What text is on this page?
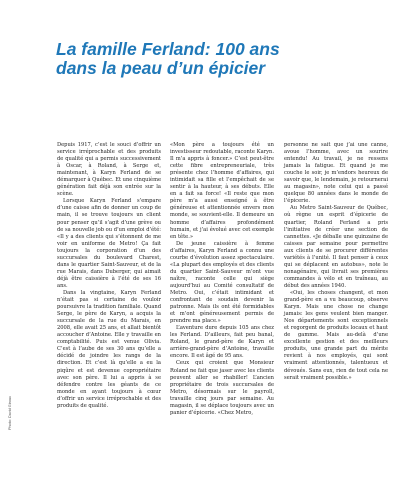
La famille Ferland: 100 ans
dans la peau d’un épicier
Photo: David Giroux

Depuis 1917, c’est le souci d’offrir un service irréprochable et des produits de qualité qui a permis successivement à Oscar, à Roland, à Serge et, maintenant, à Karyn Ferland de se démarquer à Québec. Et une cinquième génération fait déjà son entrée sur la scène.

Lorsque Karyn Ferland s’empare d’une caisse afin de donner un coup de main, il se trouve toujours un client pour penser qu’il s’agit d’une grève ou de sa nouvelle job ou d’un emploi d’été: «Il y a des clients qui s’étonnent de me voir en uniforme de Metro! Ça fait toujours la corporation d’un des succursales du boulevard Charest, dans le quartier Saint-Sauveur, et de la rue Marais, dans Duberger, qui aimait déjà être caissière à l’été de ses 16 ans.

Dans la vingtaine, Karyn Ferland n’était pas si certaine de vouloir poursuivre la tradition familiale. Quand Serge, le père de Karyn, a acquis la succursale de la rue du Marais, en 2008, elle avait 25 ans, et allait bientôt accoucher d’Antoine. Elle y travaille en comptabilité. Puis est venue Olivia. C’est à l’aube de ses 30 ans qu’elle a décidé de joindre les rangs de la direction. Et c’est là qu’elle a eu la piqûre et est devenue copropriétaire avec son père. Il lui a appris à se défendre contre les géants de ce monde en ayant toujours à cœur d’offrir un service irréprochable et des produits de qualité.

«Mon père a toujours été un investisseur redoutable, raconte Karyn. Il m’a appris à foncer.» C’est peut-être cette fibre entrepreneuriale, très présente chez l’homme d’affaires, qui intimidait sa fille et l’empêchait de se sentir à la hauteur, à ses débuts. Elle en a fait sa force! «Il reste que mon père m’a aussi enseigné à être généreuse et attentionnée envers mon monde, se souvient-elle. Il demeure un homme d’affaires profondément humain, et j’ai évolué avec cet exemple en tête.»

De jeune caissière à femme d’affaires, Karyn Ferland a connu une courbe d’évolution assez spectaculaire. «La plupart des employés et des clients du quartier Saint-Sauveur m’ont vue naître, raconte celle qui siège aujourd’hui au Comité consultatif de Metro. Oui, c’était intimidant et confrontant de soudain devenir la patronne. Mais ils ont été formidables et m’ont généreusement permis de prendre ma place.»

L’aventure dure depuis 105 ans chez les Ferland. D’ailleurs, fait peu banal, Roland, le grand-père de Karyn et arrière-grand-père d’Antoine, travaille encore. Il est âgé de 95 ans.

Ceux qui croient que Monsieur Roland ne fait que jaser avec les clients peuvent aller se rhabiller! L’ancien propriétaire de trois succursales de Metro, désormais sur le payroll, travaille cinq jours par semaine. Au magasin, il se déplace toujours avec un panier d’épicerie. «Chez Metro,

personne ne sait que j’ai une canne, avoue l’homme, avec un sourire entendu! Au travail, je ne ressens jamais la fatigue. Et quand je me couche le soir, je m’endors heureux de savoir que, le lendemain, je retournerai au magasin», note celui qui a passé quelque 80 années dans le monde de l’épicerie.

Au Metro Saint-Sauveur de Québec, où règne un esprit d’épicerie de quartier, Roland Ferland a pris l’initiative de créer une section de cannettes. «Je déballe une quinzaine de caisses par semaine pour permettre aux clients de se procurer différentes variétés à l’unité. Il faut penser à ceux qui se déplacent en autobus», note le nonagénaire, qui livrait ses premières commandes à vélo et en traîneau, au début des années 1940.

«Oui, les choses changent, et mon grand-père en a vu beaucoup, observe Karyn. Mais une chose ne change jamais: les gens veulent bien manger. Nos départements sont exceptionnels et regorgent de produits locaux et haut de gamme. Mais au-delà d’une excellente gestion et des meilleurs produits, une grande part du mérite revient à nos employés, qui sont vraiment attentionnés, talentueux et dévoués. Sans eux, rien de tout cela ne serait vraiment possible.»
